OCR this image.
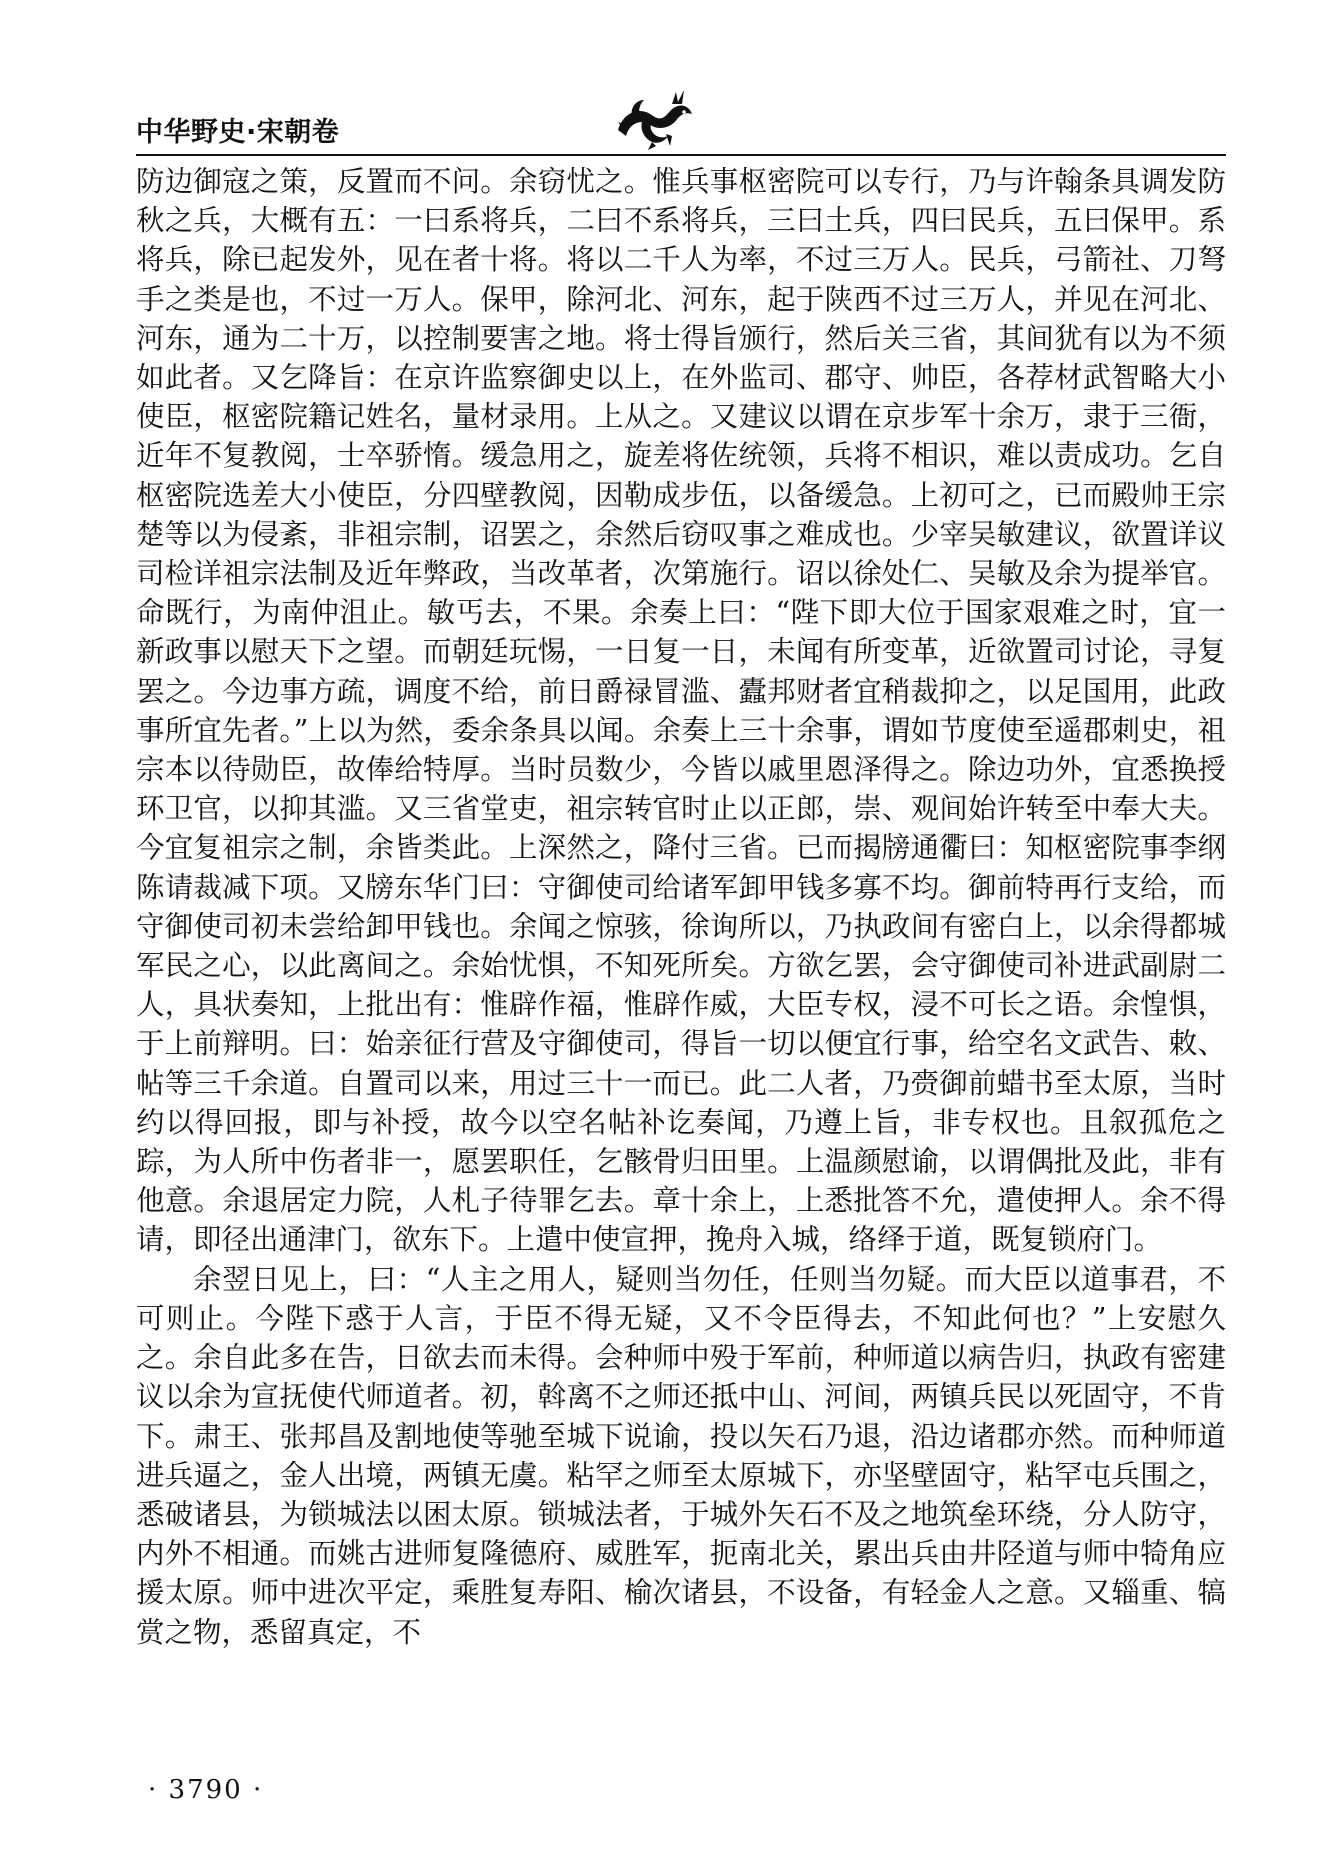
中华野史·宋朝卷

防边御寇之策，反置而不问。余窃忧之。惟兵事枢密院可以专行，乃与许翰条具调发防秋之兵，大概有五：一曰系将兵，二曰不系将兵，三曰土兵，四曰民兵，五曰保甲。系将兵，除已起发外，见在者十将。将以二千人为率，不过三万人。民兵，弓箭社、刀弩手之类是也，不过一万人。保甲，除河北、河东，起于陕西不过三万人，并见在河北、河东，通为二十万，以控制要害之地。将士得旨颁行，然后关三省，其间犹有以为不须如此者。又乞降旨：在京许监察御史以上，在外监司、郡守、帅臣，各荐材武智略大小使臣，枢密院籍记姓名，量材录用。上从之。又建议以谓在京步军十余万，隶于三衙，近年不复教阅，士卒骄惰。缓急用之，旋差将佐统领，兵将不相识，难以责成功。乞自枢密院选差大小使臣，分四壁教阅，因勒成步伍，以备缓急。上初可之，已而殿帅王宗楚等以为侵紊，非祖宗制，诏罢之，余然后窃叹事之难成也。少宰吴敏建议，欲置详议司检详祖宗法制及近年弊政，当改革者，次第施行。诏以徐处仁、吴敏及余为提举官。命既行，为南仲沮止。敏丐去，不果。余奏上曰：“陛下即大位于国家艰难之时，宜一新政事以慰天下之望。而朝廷玩惕，一日复一日，未闻有所变革，近欲置司讨论，寻复罢之。今边事方疏，调度不给，前日爵禄冒滥、蠹邦财者宜稍裁抑之，以足国用，此政事所宜先者。”上以为然，委余条具以闻。余奏上三十余事，谓如节度使至遥郡刺史，祖宗本以待勋臣，故俸给特厚。当时员数少，今皆以戚里恩泽得之。除边功外，宜悉换授环卫官，以抑其滥。又三省堂吏，祖宗转官时止以正郎，崇、观间始许转至中奉大夫。今宜复祖宗之制，余皆类此。上深然之，降付三省。已而揭牓通衢曰：知枢密院事李纲陈请裁减下项。又牓东华门曰：守御使司给诸军卸甲钱多寡不均。御前特再行支给，而守御使司初未尝给卸甲钱也。余闻之惊骇，徐询所以，乃执政间有密白上，以余得都城军民之心，以此离间之。余始忧惧，不知死所矣。方欲乞罢，会守御使司补进武副尉二人，具状奏知，上批出有：惟辟作福，惟辟作威，大臣专权，浸不可长之语。余惶惧，于上前辩明。曰：始亲征行营及守御使司，得旨一切以便宜行事，给空名文武告、敕、帖等三千余道。自置司以来，用过三十一而已。此二人者，乃赍御前蜡书至太原，当时约以得回报，即与补授，故今以空名帖补讫奏闻，乃遵上旨，非专权也。且叙孤危之踪，为人所中伤者非一，愿罢职任，乞骸骨归田里。上温颜慰谕，以谓偶批及此，非有他意。余退居定力院，人札子待罪乞去。章十余上，上悉批答不允，遣使押人。余不得请，即径出通津门，欲东下。上遣中使宣押，挽舟入城，络绎于道，既复锁府门。

余翌日见上，曰：“人主之用人，疑则当勿任，任则当勿疑。而大臣以道事君，不可则止。今陛下惑于人言，于臣不得无疑，又不令臣得去，不知此何也？”上安慰久之。余自此多在告，日欲去而未得。会种师中殁于军前，种师道以病告归，执政有密建议以余为宣抚使代师道者。初，斡离不之师还抵中山、河间，两镇兵民以死固守，不肯下。肃王、张邦昌及割地使等驰至城下说谕，投以矢石乃退，沿边诸郡亦然。而种师道进兵逼之，金人出境，两镇无虞。粘罕之师至太原城下，亦坚壁固守，粘罕屯兵围之，悉破诸县，为锁城法以困太原。锁城法者，于城外矢石不及之地筑垒环绕，分人防守，内外不相通。而姚古进师复隆德府、威胜军，扼南北关，累出兵由井陉道与师中犄角应援太原。师中进次平定，乘胜复寿阳、榆次诸县，不设备，有轻金人之意。又辎重、犒赏之物，悉留真定，不

· 3790 ·
